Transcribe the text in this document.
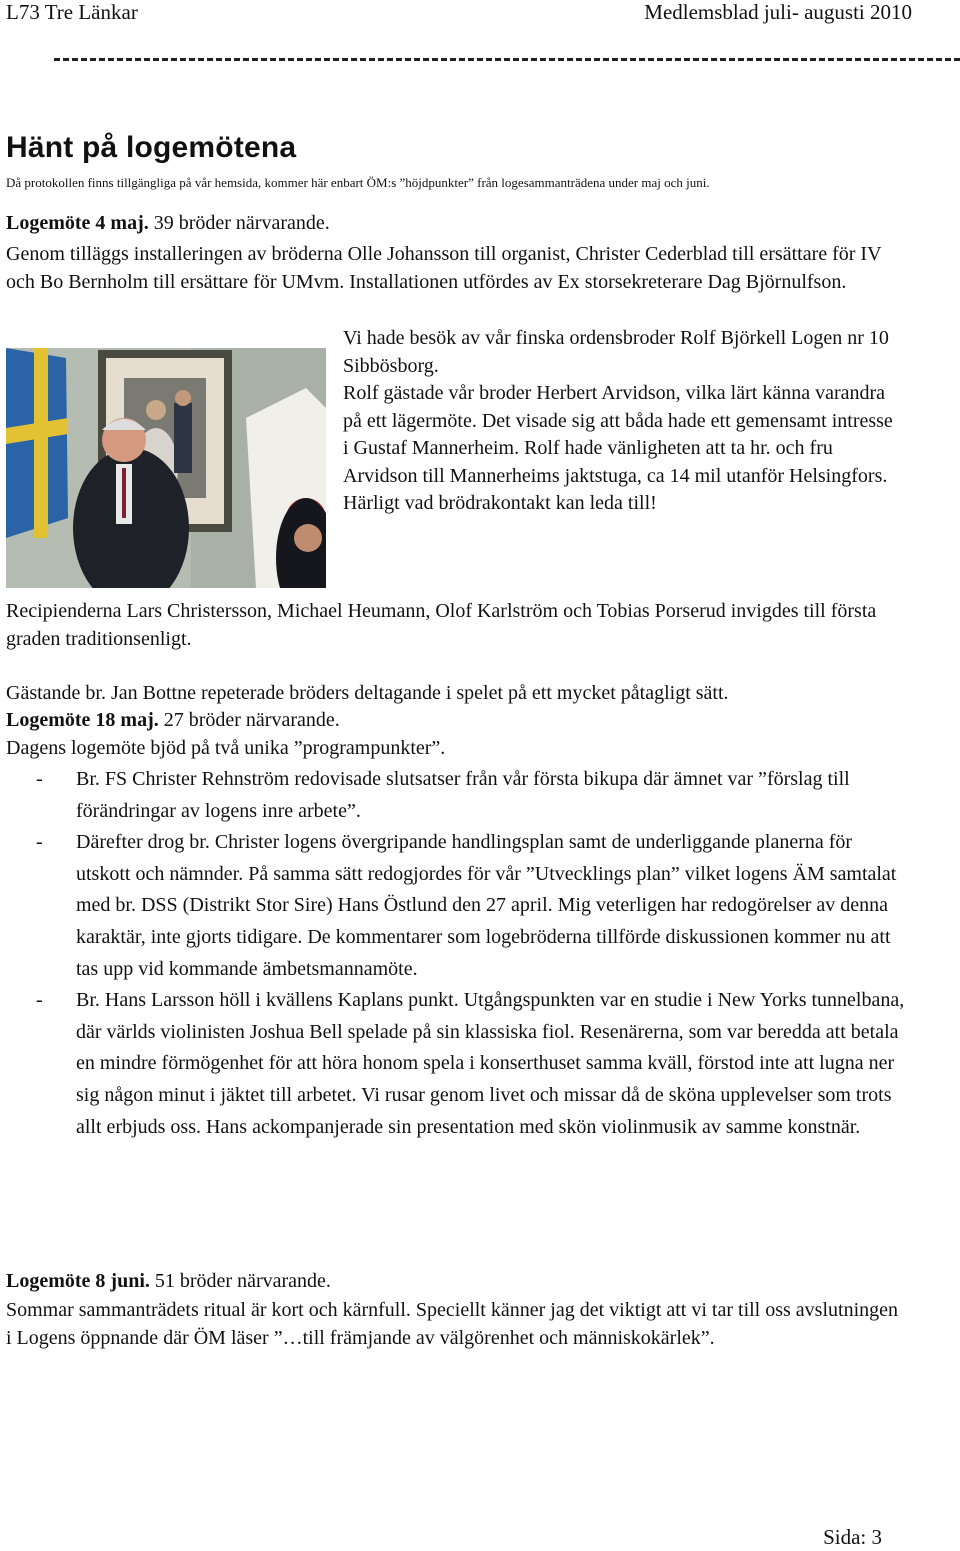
L73 Tre Länkar	Medlemsblad juli- augusti 2010
Hänt på logemötena
Då protokollen finns tillgängliga på vår hemsida, kommer här enbart ÖM:s ”höjdpunkter” från logesammanträdena under maj och juni.
Logemöte 4 maj. 39 bröder närvarande.
Genom tilläggs installeringen av bröderna Olle Johansson till organist, Christer Cederblad till ersättare för IV och Bo Bernholm till ersättare för UMvm. Installationen utfördes av Ex storsekreterare Dag Björnulfson.
Vi hade besök av vår finska ordensbroder Rolf Björkell Logen nr 10 Sibbösborg.
Rolf gästade vår broder Herbert Arvidson, vilka lärt känna varandra på ett lägermöte. Det visade sig att båda hade ett gemensamt intresse i Gustaf Mannerheim. Rolf hade vänligheten att ta hr. och fru Arvidson till Mannerheims jaktstuga, ca 14 mil utanför Helsingfors. Härligt vad brödrakontakt kan leda till!
Recipienderna Lars Christersson, Michael Heumann, Olof Karlström och Tobias Porserud invigdes till första graden traditionsenligt.
Gästande br. Jan Bottne repeterade bröders deltagande i spelet på ett mycket påtagligt sätt.
Logemöte 18 maj. 27 bröder närvarande.
Dagens logemöte bjöd på två unika ”programpunkter”.
- Br. FS Christer Rehnström redovisade slutsatser från vår första bikupa där ämnet var ”förslag till förändringar av logens inre arbete”.
- Därefter drog br. Christer logens övergripande handlingsplan samt de underliggande planerna för utskott och nämnder. På samma sätt redogjordes för vår ”Utvecklings plan” vilket logens ÄM samtalat med br. DSS (Distrikt Stor Sire) Hans Östlund den 27 april. Mig veterligen har redogörelser av denna karaktär, inte gjorts tidigare. De kommentarer som logebröderna tillförde diskussionen kommer nu att tas upp vid kommande ämbetsmannamöte.
- Br. Hans Larsson höll i kvällens Kaplans punkt. Utgångspunkten var en studie i New Yorks tunnelbana, där världs violinisten Joshua Bell spelade på sin klassiska fiol. Resenärerna, som var beredda att betala en mindre förmögenhet för att höra honom spela i konserthuset samma kväll, förstod inte att lugna ner sig någon minut i jäktet till arbetet. Vi rusar genom livet och missar då de sköna upplevelser som trots allt erbjuds oss. Hans ackompanjerade sin presentation med skön violinmusik av samme konstnär.
Logemöte 8 juni. 51 bröder närvarande.
Sommar sammanträdets ritual är kort och kärnfull. Speciellt känner jag det viktigt att vi tar till oss avslutningen i Logens öppnande där ÖM läser ”…till främjande av välgörenhet och människokärlek”.
Sida: 3
